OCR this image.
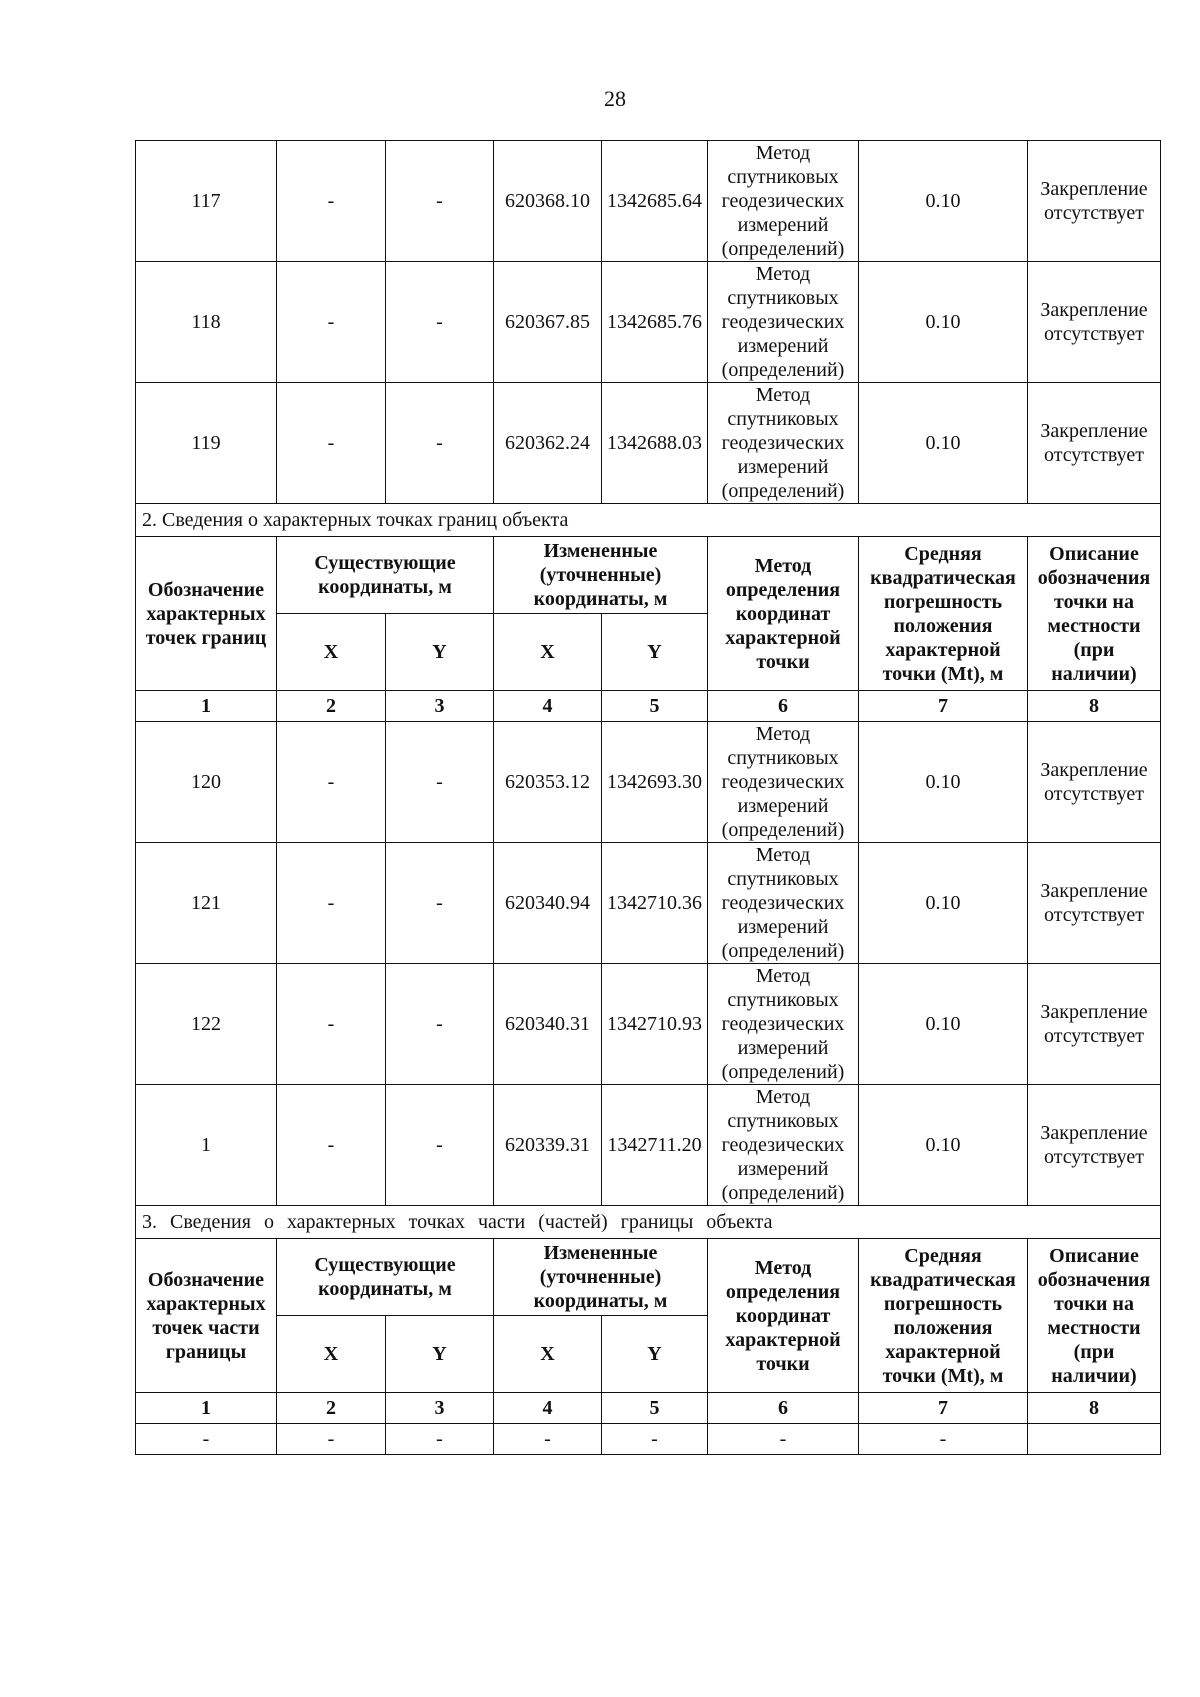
28
117	-	-	620368.10	1342685.64	Метод спутниковых геодезических измерений (определений)	0.10	Закрепление отсутствует
118	-	-	620367.85	1342685.76	Метод спутниковых геодезических измерений (определений)	0.10	Закрепление отсутствует
119	-	-	620362.24	1342688.03	Метод спутниковых геодезических измерений (определений)	0.10	Закрепление отсутствует
2. Сведения о характерных точках границ объекта							
Обозначение характерных точек границ	Существующие координаты, м		Измененные (уточненные) координаты, м		Метод определения координат характерной точки	Средняя квадратическая погрешность положения характерной точки (Mt), м	Описание обозначения точки на местности (при наличии)
	X	Y	X	Y			
1	2	3	4	5	6	7	8
120	-	-	620353.12	1342693.30	Метод спутниковых геодезических измерений (определений)	0.10	Закрепление отсутствует
121	-	-	620340.94	1342710.36	Метод спутниковых геодезических измерений (определений)	0.10	Закрепление отсутствует
122	-	-	620340.31	1342710.93	Метод спутниковых геодезических измерений (определений)	0.10	Закрепление отсутствует
1	-	-	620339.31	1342711.20	Метод спутниковых геодезических измерений (определений)	0.10	Закрепление отсутствует
3. Сведения о характерных точках части (частей) границы объекта							
Обозначение характерных точек части границы	Существующие координаты, м		Измененные (уточненные) координаты, м		Метод определения координат характерной точки	Средняя квадратическая погрешность положения характерной точки (Mt), м	Описание обозначения точки на местности (при наличии)
	X	Y	X	Y			
1	2	3	4	5	6	7	8
-	-	-	-	-	-	-	
